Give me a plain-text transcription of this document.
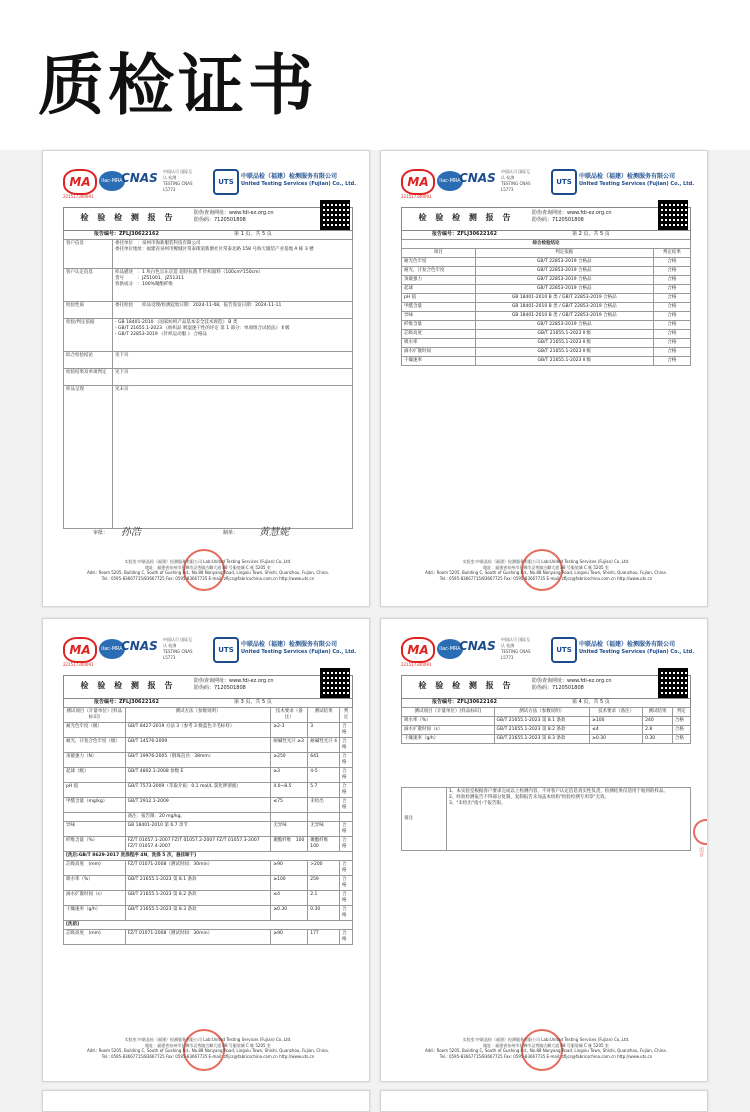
质检证书
MA
221517340091
ilac-MRA
CNAS 中国认可 国际互认 检测 TESTING CNAS L5773
UTS
中联品检（福建）检测服务有限公司
United Testing Services (Fujian) Co., Ltd.
检 验 检 测 报 告	防伪查询网址：www.fdi-ez.org.cn
防伪码：7120501808
报告编号：ZFLJ30622162	第 1 页，共 5 页
客户信息	委托单位　：泉州市海新服装科技有限公司
委托单位地址：福建省泉州市鲤城区常泰街道新塘社区常泰北路 158 号海天服装产业基地 A 栋 3 楼

客户认定信息	样品描述　：1 块白色宗东京造 超轻抗菌 T 针织面料（100cm*150cm）
货号　　　：JZ51001、JZ51311
客供成分　：100%聚酯纤维

检验性质	委托检验　　样品受理/检测起始日期：2024-11-08，报告签发日期：2024-11-11

检验/判定依据	- GB 18401-2010 《国家纺织产品基本安全技术规范》 B 类
- GB/T 21655.1-2023 《纺织品 吸湿速干性的评定 第 1 部分：单项组合试验法》 Ⅱ 级
- GB/T 22853-2019 《针织运动服 》 合格品

综合检验结论	见下页

检验结果及单项判定	见下页

样品呈现	见末页
审批： 孙浩	制单： 黄慧妮
实验室:中联品检（福建）检测服务有限公司 Lab:United Testing Services (Fujian) Co.,Ltd.
地址：福建省泉州市石狮市灵秀镇古卿大道 88 号服装城 C 栋 5205 室
Add.: Room 5205, Building C, South of Gushing Rd., No.88 Nanyang Road, Lingxiu Town, Shishi, Quanzhou, Fujian, China.
Tel.: 0595-83667715/83667725 Fax: 0595-83667735 E-mail: zfljcs@fabricschina.com.cn http://www.uts.cn
MA
221517340091
ilac-MRA
CNAS 中国认可 国际互认 检测 TESTING CNAS L5773
UTS
中联品检（福建）检测服务有限公司
United Testing Services (Fujian) Co., Ltd.
检 验 检 测 报 告	防伪查询网址：www.fdi-ez.org.cn
防伪码：7120501808
报告编号：ZFLJ30622162	第 2 页，共 5 页
综合检验结论		
项目	判定依据	判定结果
耐光色牢度	GB/T 22853-2019 合格品	合格
耐光、汗复合色牢度	GB/T 22853-2019 合格品	合格
顶破强力	GB/T 22853-2019 合格品	合格
起球	GB/T 22853-2019 合格品	合格
pH 值	GB 18401-2010 B 类 / GB/T 22853-2019 合格品	合格
甲醛含量	GB 18401-2010 B 类 / GB/T 22853-2019 合格品	合格
异味	GB 18401-2010 B 类 / GB/T 22853-2019 合格品	合格
纤维含量	GB/T 22853-2019 合格品	合格
芯吸高度	GB/T 21655.1-2023 Ⅱ 级	合格
吸水率	GB/T 21655.1-2023 Ⅱ 级	合格
滴水扩散时间	GB/T 21655.1-2023 Ⅱ 级	合格
干燥速率	GB/T 21655.1-2023 Ⅱ 级	合格
实验室:中联品检（福建）检测服务有限公司 Lab:United Testing Services (Fujian) Co.,Ltd.
地址：福建省泉州市石狮市灵秀镇古卿大道 88 号服装城 C 栋 5205 室
Add.: Room 5205, Building C, South of Gushing Rd., No.88 Nanyang Road, Lingxiu Town, Shishi, Quanzhou, Fujian, China.
Tel.: 0595-83667715/83667725 Fax: 0595-83667735 E-mail: zfljcs@fabricschina.com.cn http://www.uts.cn
MA
221517340091
ilac-MRA
CNAS 中国认可 国际互认 检测 TESTING CNAS L5773
UTS
中联品检（福建）检测服务有限公司
United Testing Services (Fujian) Co., Ltd.
检 验 检 测 报 告	防伪查询网址：www.fdi-ez.org.cn
防伪码：7120501808
报告编号：ZFLJ30622162	第 3 页，共 5 页
测试项目（计量单位）[样品标识]	测试方法（参数说明）	技术要求（备注）	测试结果	判定
耐光色牢度（级）	GB/T 8427-2019 方法 3（参考 3 级蓝色羊毛标样）	≥2-3	3	合格
耐光、汗复合色牢度（级）	GB/T 14576-2009	耐碱性光汗 ≥3	耐碱性光汗 4	合格
顶破强力（N）	GB/T 19976-2005（钢珠直径：38mm）	≥250	641	合格
起球（级）	GB/T 4802.1-2008 参数 E	≥3	4-5	合格
pH 值	GB/T 7573-2009（萃取介质：0.1 mol/L 氯化钾溶液）	4.0~8.5	5.7	合格
甲醛含量（mg/kg）	GB/T 2912.1-2009	≤75	未检出	合格
	备注：报告限：20 mg/kg。			
异味	GB 18401-2010 第 6.7 章节	无异味	无异味	合格
纤维含量（%）	FZ/T 01057.1-2007 FZ/T 01057.2-2007 FZ/T 01057.3-2007 FZ/T 01057.4-2007	聚酯纤维　100	聚酯纤维　100	合格
[洗后:GB/T 8629-2017 洗涤程序 4N，洗涤 5 次，悬挂晾干]				
芯吸高度　(mm)	FZ/T 01071-2008（测试时间：30min）	≥90	>200	合格
吸水率（%）	GB/T 21655.1-2023 第 8.1 条款	≥100	259	合格
滴水扩散时间（s）	GB/T 21655.1-2023 第 8.2 条款	≤4	2.1	合格
干燥速率（g/h）	GB/T 21655.1-2023 第 8.3 条款	≥0.30	0.30	合格
[洗前]				
芯吸高度　(mm)	FZ/T 01071-2008（测试时间：30min）	≥90	177	合格
实验室:中联品检（福建）检测服务有限公司 Lab:United Testing Services (Fujian) Co.,Ltd.
地址：福建省泉州市石狮市灵秀镇古卿大道 88 号服装城 C 栋 5205 室
Add.: Room 5205, Building C, South of Gushing Rd., No.88 Nanyang Road, Lingxiu Town, Shishi, Quanzhou, Fujian, China.
Tel.: 0595-83667715/83667725 Fax: 0595-83667735 E-mail: zfljcs@fabricschina.com.cn http://www.uts.cn
MA
221517340091
ilac-MRA
CNAS 中国认可 国际互认 检测 TESTING CNAS L5773
UTS
中联品检（福建）检测服务有限公司
United Testing Services (Fujian) Co., Ltd.
检 验 检 测 报 告	防伪查询网址：www.fdi-ez.org.cn
防伪码：7120501808
报告编号：ZFLJ30622162	第 4 页，共 5 页
测试项目（计量单位）[样品标识]	测试方法（参数说明）	技术要求（备注）	测试结果	判定
吸水率（%）	GB/T 21655.1-2023 第 8.1 条款	≥100	240	合格
滴水扩散时间（s）	GB/T 21655.1-2023 第 8.2 条款	≤4	2.8	合格
干燥速率（g/h）	GB/T 21655.1-2023 第 8.3 条款	≥0.30	0.30	合格
备注	
1、本实验室根据客户要求完成以上检测内容，不对客户认定信息真实性负责，检测结果仅适用于收到的样品。
2、经验检测报告不得部分复制，复制报告未加盖本机构"检验检测专用章"无效。
3、"未检出"指小于报告限。
用章
实验室:中联品检（福建）检测服务有限公司 Lab:United Testing Services (Fujian) Co.,Ltd.
地址：福建省泉州市石狮市灵秀镇古卿大道 88 号服装城 C 栋 5205 室
Add.: Room 5205, Building C, South of Gushing Rd., No.88 Nanyang Road, Lingxiu Town, Shishi, Quanzhou, Fujian, China.
Tel.: 0595-83667715/83667725 Fax: 0595-83667735 E-mail: zfljcs@fabricschina.com.cn http://www.uts.cn
